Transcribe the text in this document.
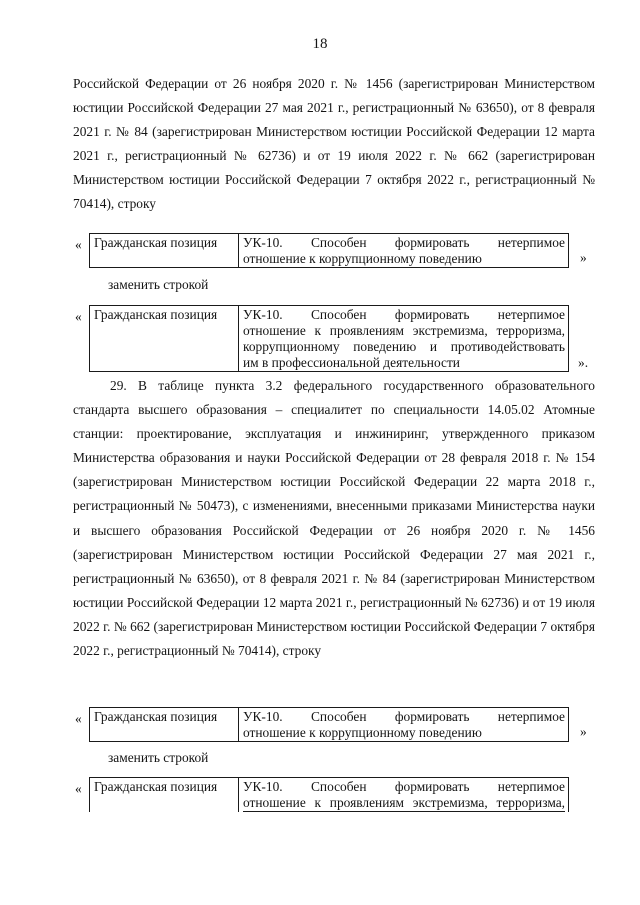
18

Российской Федерации от 26 ноября 2020 г. № 1456 (зарегистрирован Министерством юстиции Российской Федерации 27 мая 2021 г., регистрационный № 63650), от 8 февраля 2021 г. № 84 (зарегистрирован Министерством юстиции Российской Федерации 12 марта 2021 г., регистрационный № 62736) и от 19 июля 2022 г. № 662 (зарегистрирован Министерством юстиции Российской Федерации 7 октября 2022 г., регистрационный № 70414), строку

« Гражданская позиция	УК-10. Способен формировать нетерпимое
отношение к коррупционному поведению	»

заменить строкой

« Гражданская позиция	УК-10. Способен формировать нетерпимое
отношение к проявлениям экстремизма, терроризма,
коррупционному поведению и противодействовать
им в профессиональной деятельности	».

29. В таблице пункта 3.2 федерального государственного образовательного стандарта высшего образования – специалитет по специальности 14.05.02 Атомные станции: проектирование, эксплуатация и инжиниринг, утвержденного приказом Министерства образования и науки Российской Федерации от 28 февраля 2018 г. № 154 (зарегистрирован Министерством юстиции Российской Федерации 22 марта 2018 г., регистрационный № 50473), с изменениями, внесенными приказами Министерства науки и высшего образования Российской Федерации от 26 ноября 2020 г. № 1456 (зарегистрирован Министерством юстиции Российской Федерации 27 мая 2021 г., регистрационный № 63650), от 8 февраля 2021 г. № 84 (зарегистрирован Министерством юстиции Российской Федерации 12 марта 2021 г., регистрационный № 62736) и от 19 июля 2022 г. № 662 (зарегистрирован Министерством юстиции Российской Федерации 7 октября 2022 г., регистрационный № 70414), строку

« Гражданская позиция	УК-10. Способен формировать нетерпимое
отношение к коррупционному поведению	»

заменить строкой

« Гражданская позиция	УК-10. Способен формировать нетерпимое
отношение к проявлениям экстремизма, терроризма,
